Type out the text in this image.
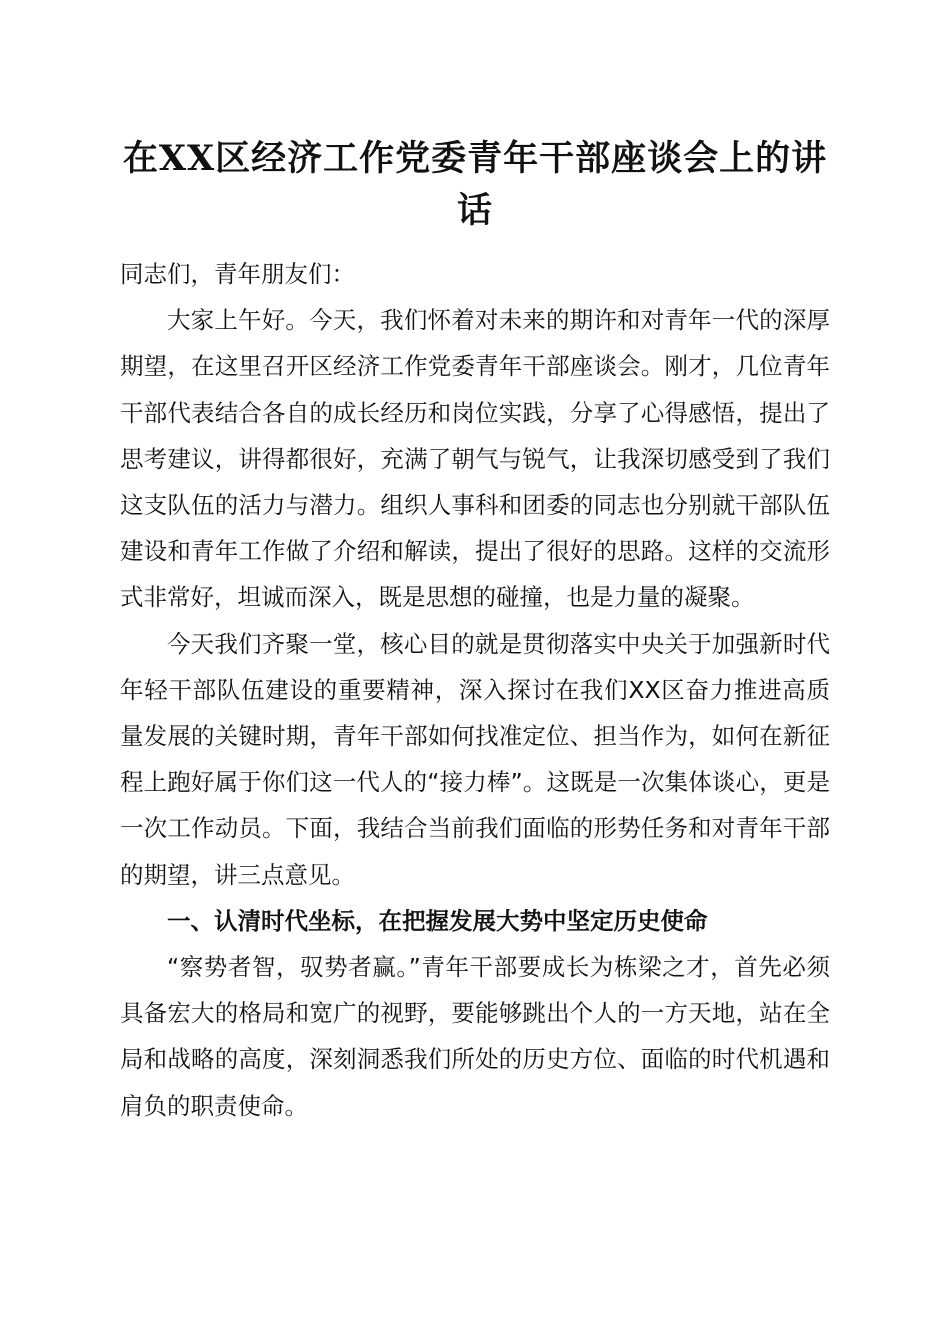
在XX区经济工作党委青年干部座谈会上的讲话

同志们，青年朋友们：

大家上午好。今天，我们怀着对未来的期许和对青年一代的深厚期望，在这里召开区经济工作党委青年干部座谈会。刚才，几位青年干部代表结合各自的成长经历和岗位实践，分享了心得感悟，提出了思考建议，讲得都很好，充满了朝气与锐气，让我深切感受到了我们这支队伍的活力与潜力。组织人事科和团委的同志也分别就干部队伍建设和青年工作做了介绍和解读，提出了很好的思路。这样的交流形式非常好，坦诚而深入，既是思想的碰撞，也是力量的凝聚。

今天我们齐聚一堂，核心目的就是贯彻落实中央关于加强新时代年轻干部队伍建设的重要精神，深入探讨在我们XX区奋力推进高质量发展的关键时期，青年干部如何找准定位、担当作为，如何在新征程上跑好属于你们这一代人的“接力棒”。这既是一次集体谈心，更是一次工作动员。下面，我结合当前我们面临的形势任务和对青年干部的期望，讲三点意见。

一、认清时代坐标，在把握发展大势中坚定历史使命

“察势者智，驭势者赢。”青年干部要成长为栋梁之才，首先必须具备宏大的格局和宽广的视野，要能够跳出个人的一方天地，站在全局和战略的高度，深刻洞悉我们所处的历史方位、面临的时代机遇和肩负的职责使命。
